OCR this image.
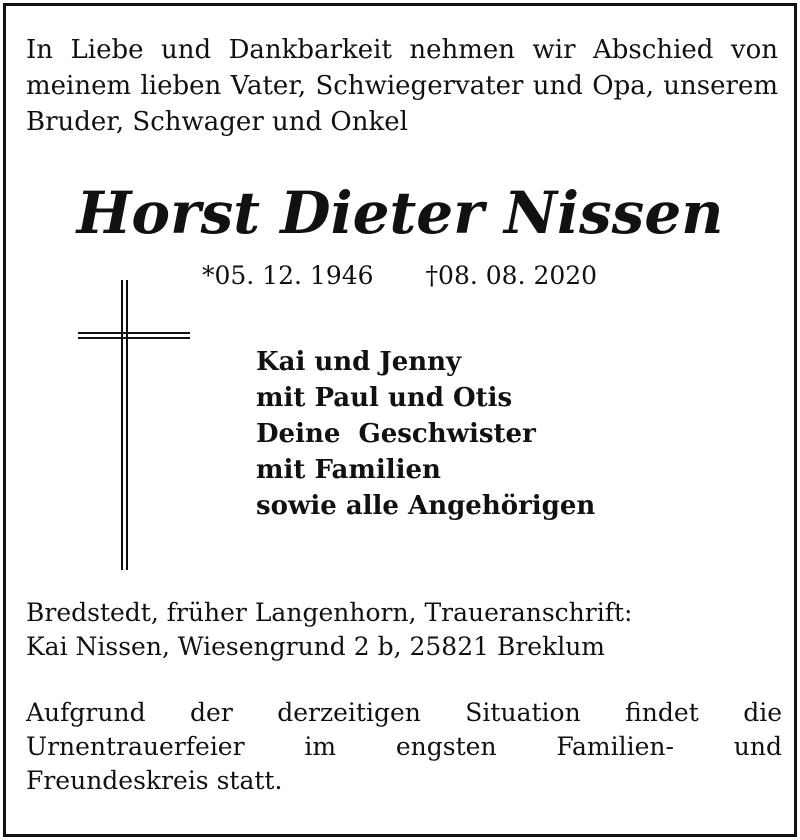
In Liebe und Dankbarkeit nehmen wir Abschied von meinem lieben Vater, Schwiegervater und Opa, unserem Bruder, Schwager und Onkel

Horst Dieter Nissen
*05. 12. 1946 †08. 08. 2020
Kai und Jenny
mit Paul und Otis
Deine  Geschwister
mit Familien
sowie alle Angehörigen
Bredstedt, früher Langenhorn, Traueranschrift:
Kai Nissen, Wiesengrund 2 b, 25821 Breklum
Aufgrund der derzeitigen Situation findet die
Urnentrauerfeier im engsten Familien- und
Freundeskreis statt.
